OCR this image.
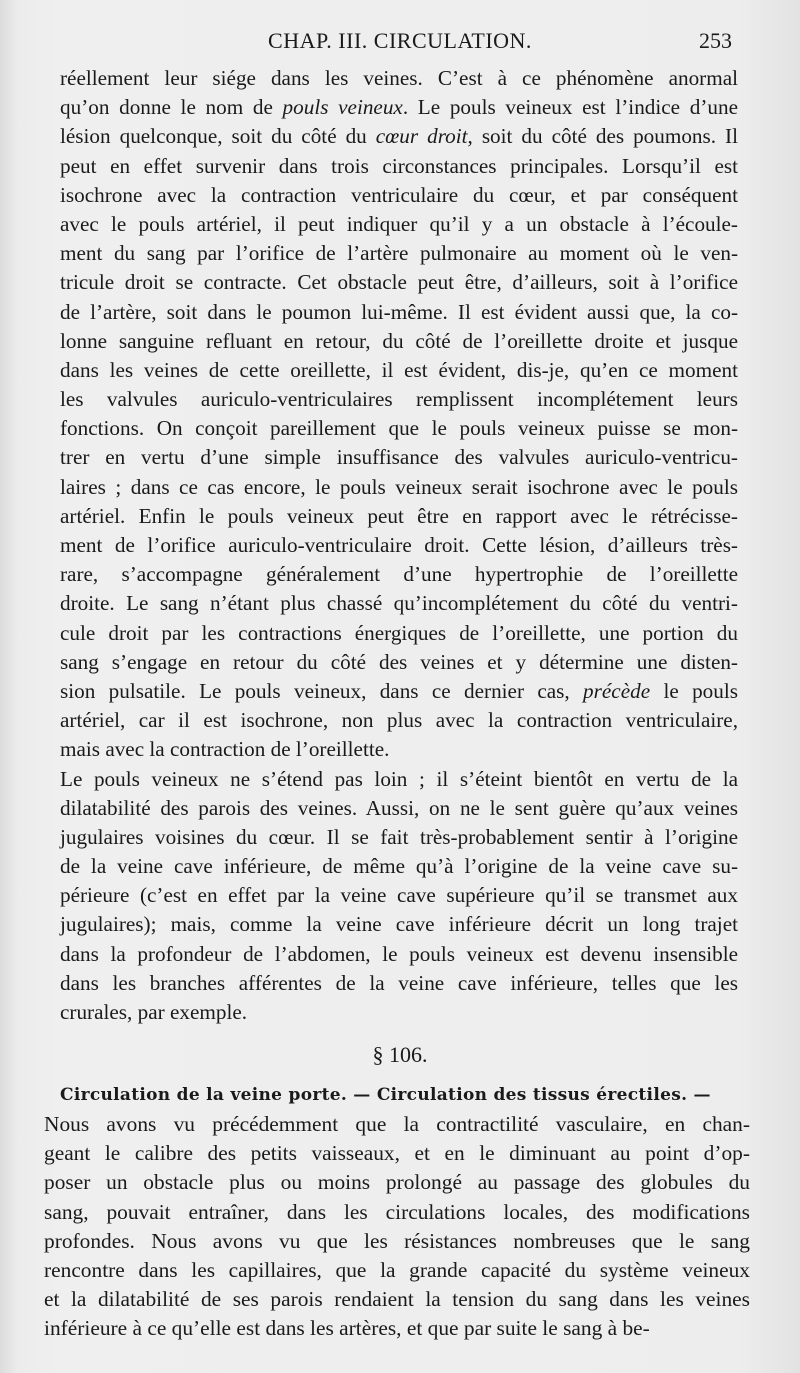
CHAP. III. CIRCULATION.	253
réellement leur siége dans les veines. C’est à ce phénomène anormal
qu’on donne le nom de pouls veineux. Le pouls veineux est l’indice d’une
lésion quelconque, soit du côté du cœur droit, soit du côté des poumons. Il
peut en effet survenir dans trois circonstances principales. Lorsqu’il est
isochrone avec la contraction ventriculaire du cœur, et par conséquent
avec le pouls artériel, il peut indiquer qu’il y a un obstacle à l’écoule-
ment du sang par l’orifice de l’artère pulmonaire au moment où le ven-
tricule droit se contracte. Cet obstacle peut être, d’ailleurs, soit à l’orifice
de l’artère, soit dans le poumon lui-même. Il est évident aussi que, la co-
lonne sanguine refluant en retour, du côté de l’oreillette droite et jusque
dans les veines de cette oreillette, il est évident, dis-je, qu’en ce moment
les valvules auriculo-ventriculaires remplissent incomplétement leurs
fonctions. On conçoit pareillement que le pouls veineux puisse se mon-
trer en vertu d’une simple insuffisance des valvules auriculo-ventricu-
laires ; dans ce cas encore, le pouls veineux serait isochrone avec le pouls
artériel. Enfin le pouls veineux peut être en rapport avec le rétrécisse-
ment de l’orifice auriculo-ventriculaire droit. Cette lésion, d’ailleurs très-
rare, s’accompagne généralement d’une hypertrophie de l’oreillette
droite. Le sang n’étant plus chassé qu’incomplétement du côté du ventri-
cule droit par les contractions énergiques de l’oreillette, une portion du
sang s’engage en retour du côté des veines et y détermine une disten-
sion pulsatile. Le pouls veineux, dans ce dernier cas, précède le pouls
artériel, car il est isochrone, non plus avec la contraction ventriculaire,
mais avec la contraction de l’oreillette.
Le pouls veineux ne s’étend pas loin ; il s’éteint bientôt en vertu de la
dilatabilité des parois des veines. Aussi, on ne le sent guère qu’aux veines
jugulaires voisines du cœur. Il se fait très-probablement sentir à l’origine
de la veine cave inférieure, de même qu’à l’origine de la veine cave su-
périeure (c’est en effet par la veine cave supérieure qu’il se transmet aux
jugulaires); mais, comme la veine cave inférieure décrit un long trajet
dans la profondeur de l’abdomen, le pouls veineux est devenu insensible
dans les branches afférentes de la veine cave inférieure, telles que les
crurales, par exemple.
§ 106.
Circulation de la veine porte. — Circulation des tissus érectiles. —
Nous avons vu précédemment que la contractilité vasculaire, en chan-
geant le calibre des petits vaisseaux, et en le diminuant au point d’op-
poser un obstacle plus ou moins prolongé au passage des globules du
sang, pouvait entraîner, dans les circulations locales, des modifications
profondes. Nous avons vu que les résistances nombreuses que le sang
rencontre dans les capillaires, que la grande capacité du système veineux
et la dilatabilité de ses parois rendaient la tension du sang dans les veines
inférieure à ce qu’elle est dans les artères, et que par suite le sang à be-
